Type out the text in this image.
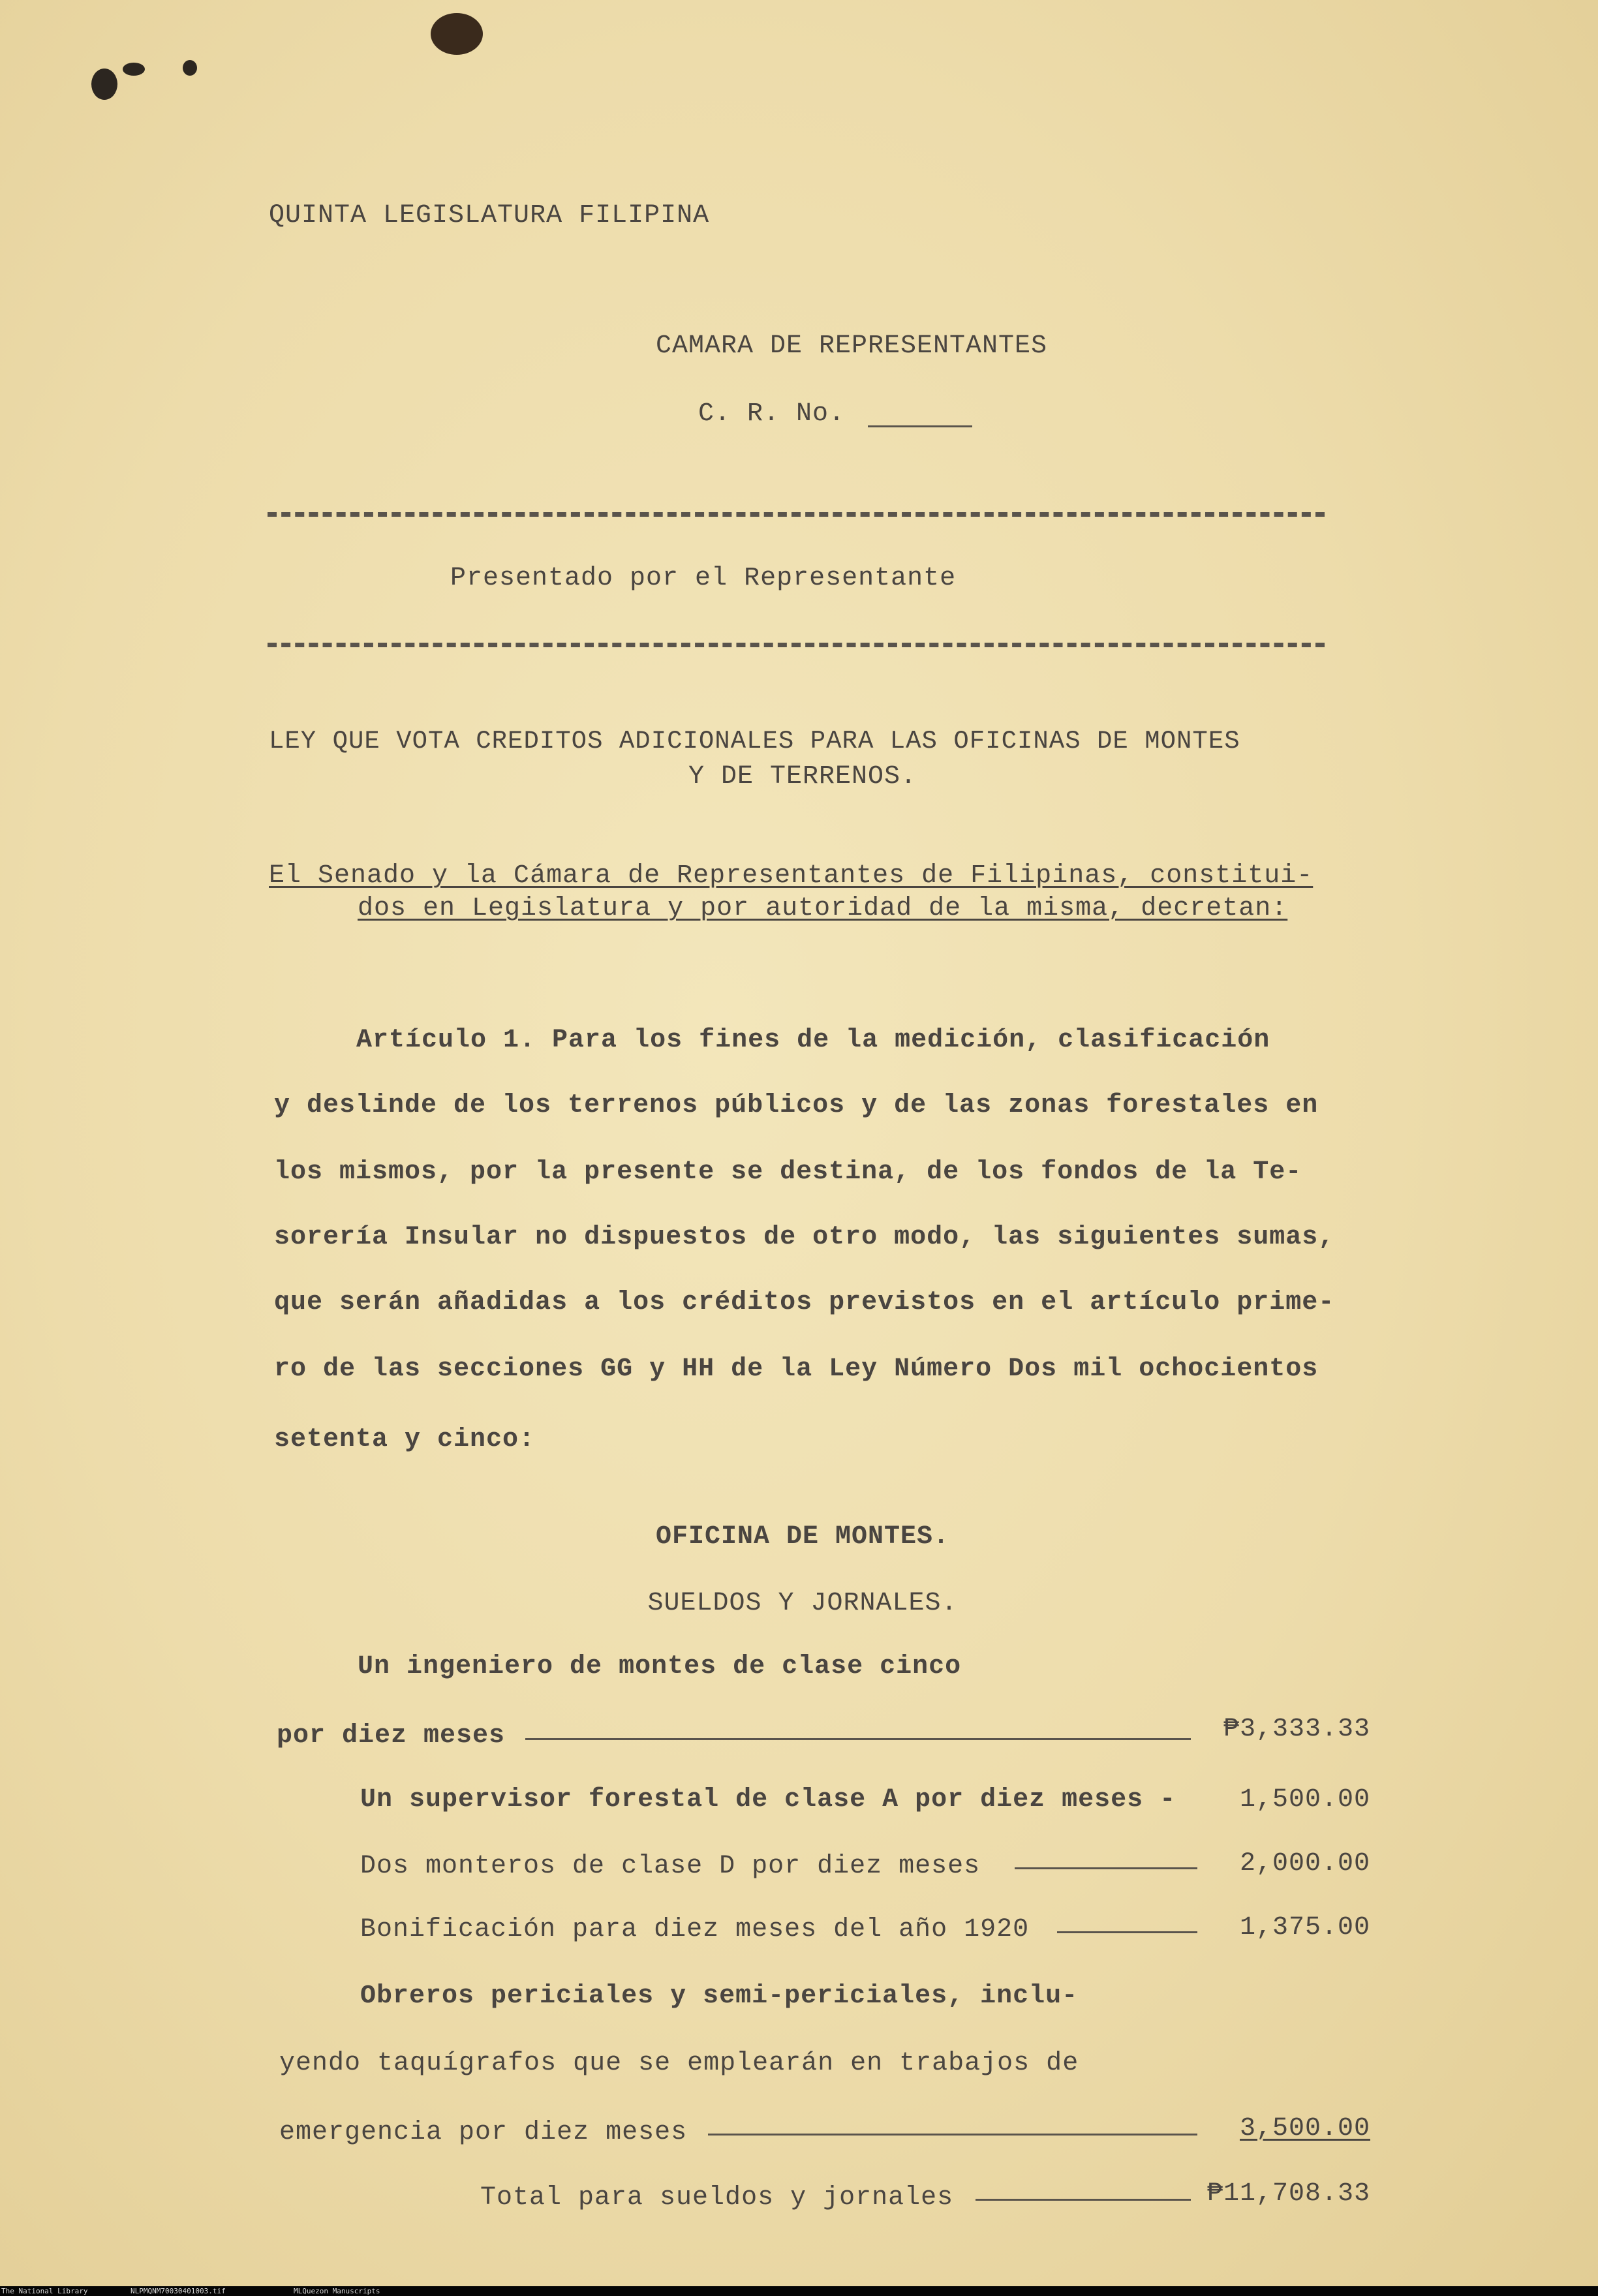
QUINTA LEGISLATURA FILIPINA
CAMARA DE REPRESENTANTES
C. R. No.
Presentado por el Representante
LEY QUE VOTA CREDITOS ADICIONALES PARA LAS OFICINAS DE MONTES
Y DE TERRENOS.
El Senado y la Cámara de Representantes de Filipinas, constitui-
dos en Legislatura y por autoridad de la misma, decretan:
Artículo 1. Para los fines de la medición, clasificación
y deslinde de los terrenos públicos y de las zonas forestales en
los mismos, por la presente se destina, de los fondos de la Te-
sorería Insular no dispuestos de otro modo, las siguientes sumas,
que serán añadidas a los créditos previstos en el artículo prime-
ro de las secciones GG y HH de la Ley Número Dos mil ochocientos
setenta y cinco:
OFICINA DE MONTES.
SUELDOS Y JORNALES.
Un ingeniero de montes de clase cinco
por diez meses	₱3,333.33
Un supervisor forestal de clase A por diez meses -	1,500.00
Dos monteros de clase D por diez meses	2,000.00
Bonificación para diez meses del año 1920	1,375.00
Obreros periciales y semi-periciales, inclu-
yendo taquígrafos que se emplearán en trabajos de
emergencia por diez meses	3,500.00
Total para sueldos y jornales	₱11,708.33
The National Library	NLPMQNM70030401003.tif	MLQuezon Manuscripts
